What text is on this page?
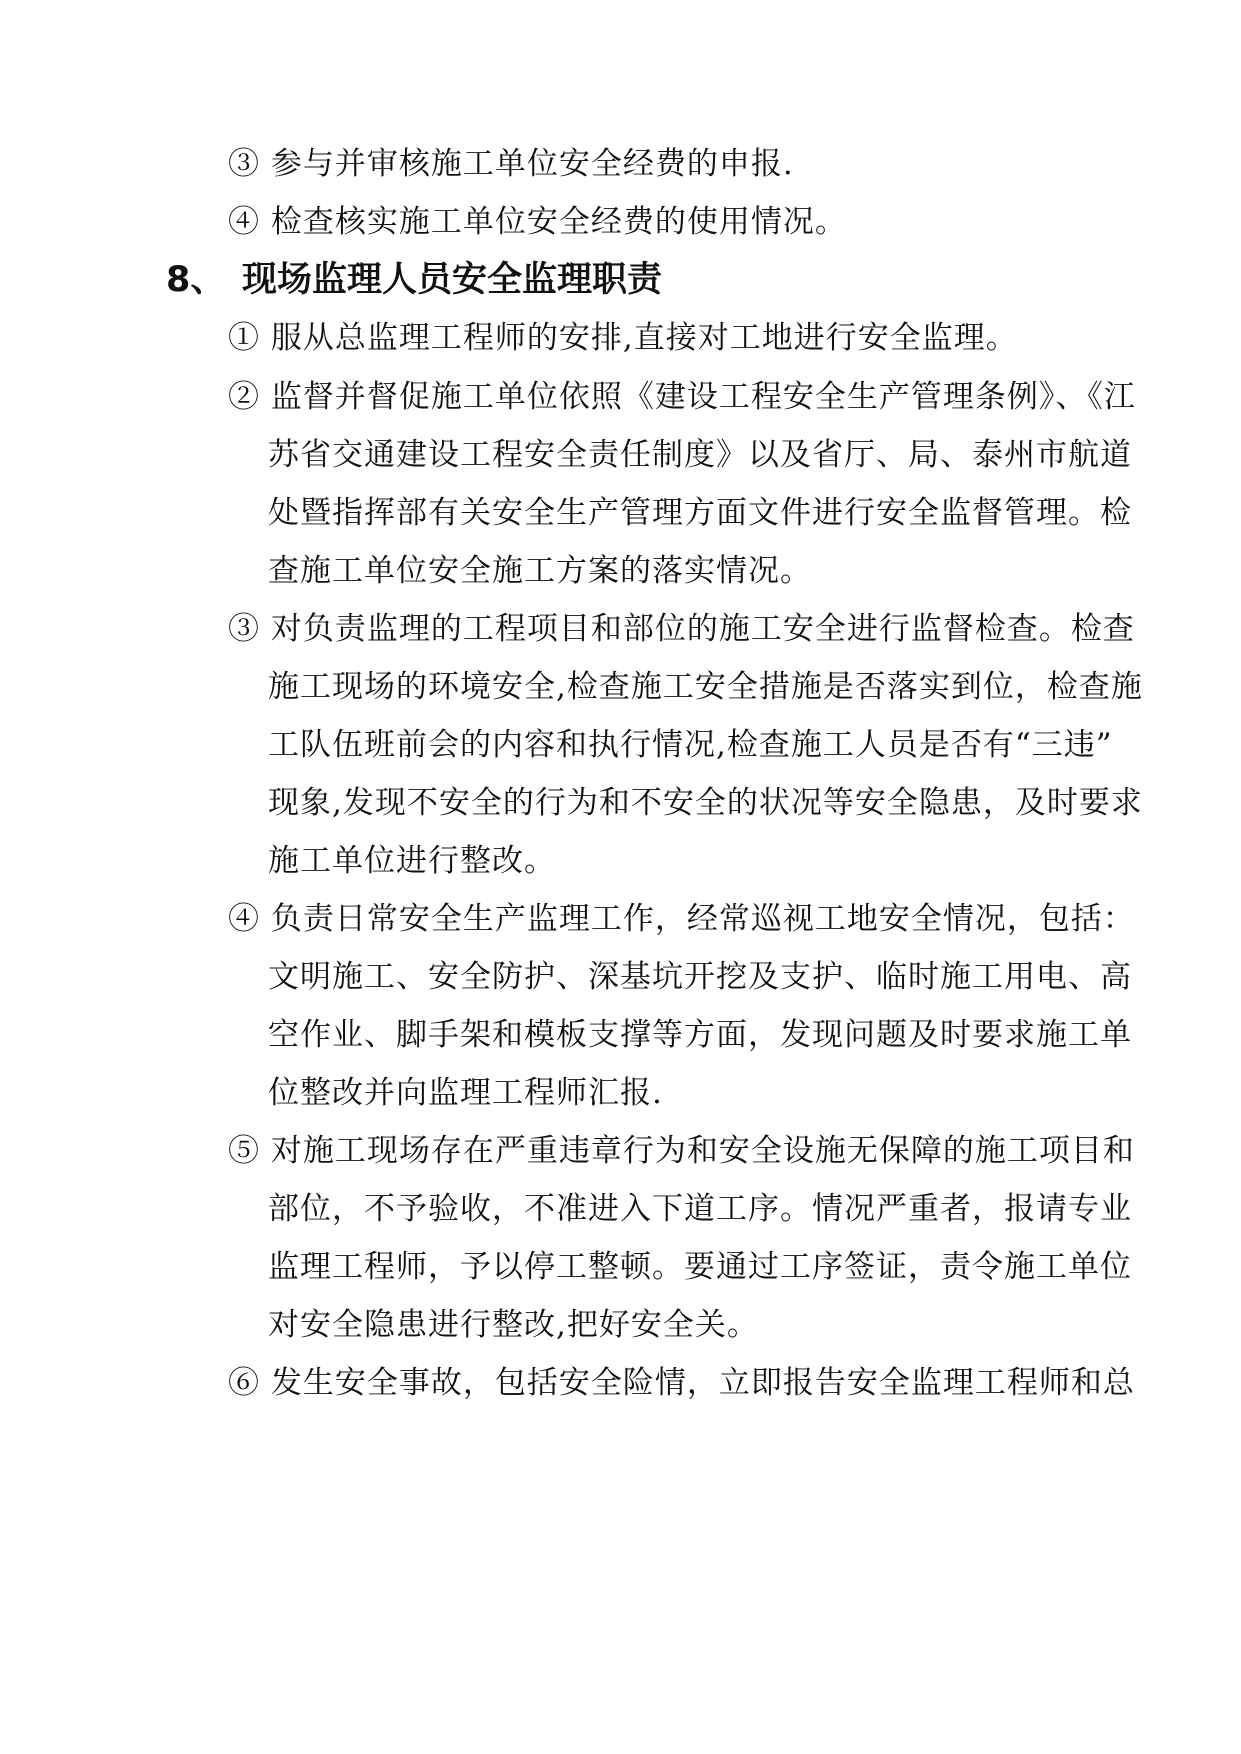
③ 参与并审核施工单位安全经费的申报.
④ 检查核实施工单位安全经费的使用情况。
8、 现场监理人员安全监理职责
① 服从总监理工程师的安排,直接对工地进行安全监理。
② 监督并督促施工单位依照《建设工程安全生产管理条例》、《江
苏省交通建设工程安全责任制度》以及省厅、局、泰州市航道
处暨指挥部有关安全生产管理方面文件进行安全监督管理。检
查施工单位安全施工方案的落实情况。
③ 对负责监理的工程项目和部位的施工安全进行监督检查。检查
施工现场的环境安全,检查施工安全措施是否落实到位，检查施
工队伍班前会的内容和执行情况,检查施工人员是否有“三违”
现象,发现不安全的行为和不安全的状况等安全隐患，及时要求
施工单位进行整改。
④ 负责日常安全生产监理工作，经常巡视工地安全情况，包括：
文明施工、安全防护、深基坑开挖及支护、临时施工用电、高
空作业、脚手架和模板支撑等方面，发现问题及时要求施工单
位整改并向监理工程师汇报.
⑤ 对施工现场存在严重违章行为和安全设施无保障的施工项目和
部位，不予验收，不准进入下道工序。情况严重者，报请专业
监理工程师，予以停工整顿。要通过工序签证，责令施工单位
对安全隐患进行整改,把好安全关。
⑥ 发生安全事故，包括安全险情，立即报告安全监理工程师和总
